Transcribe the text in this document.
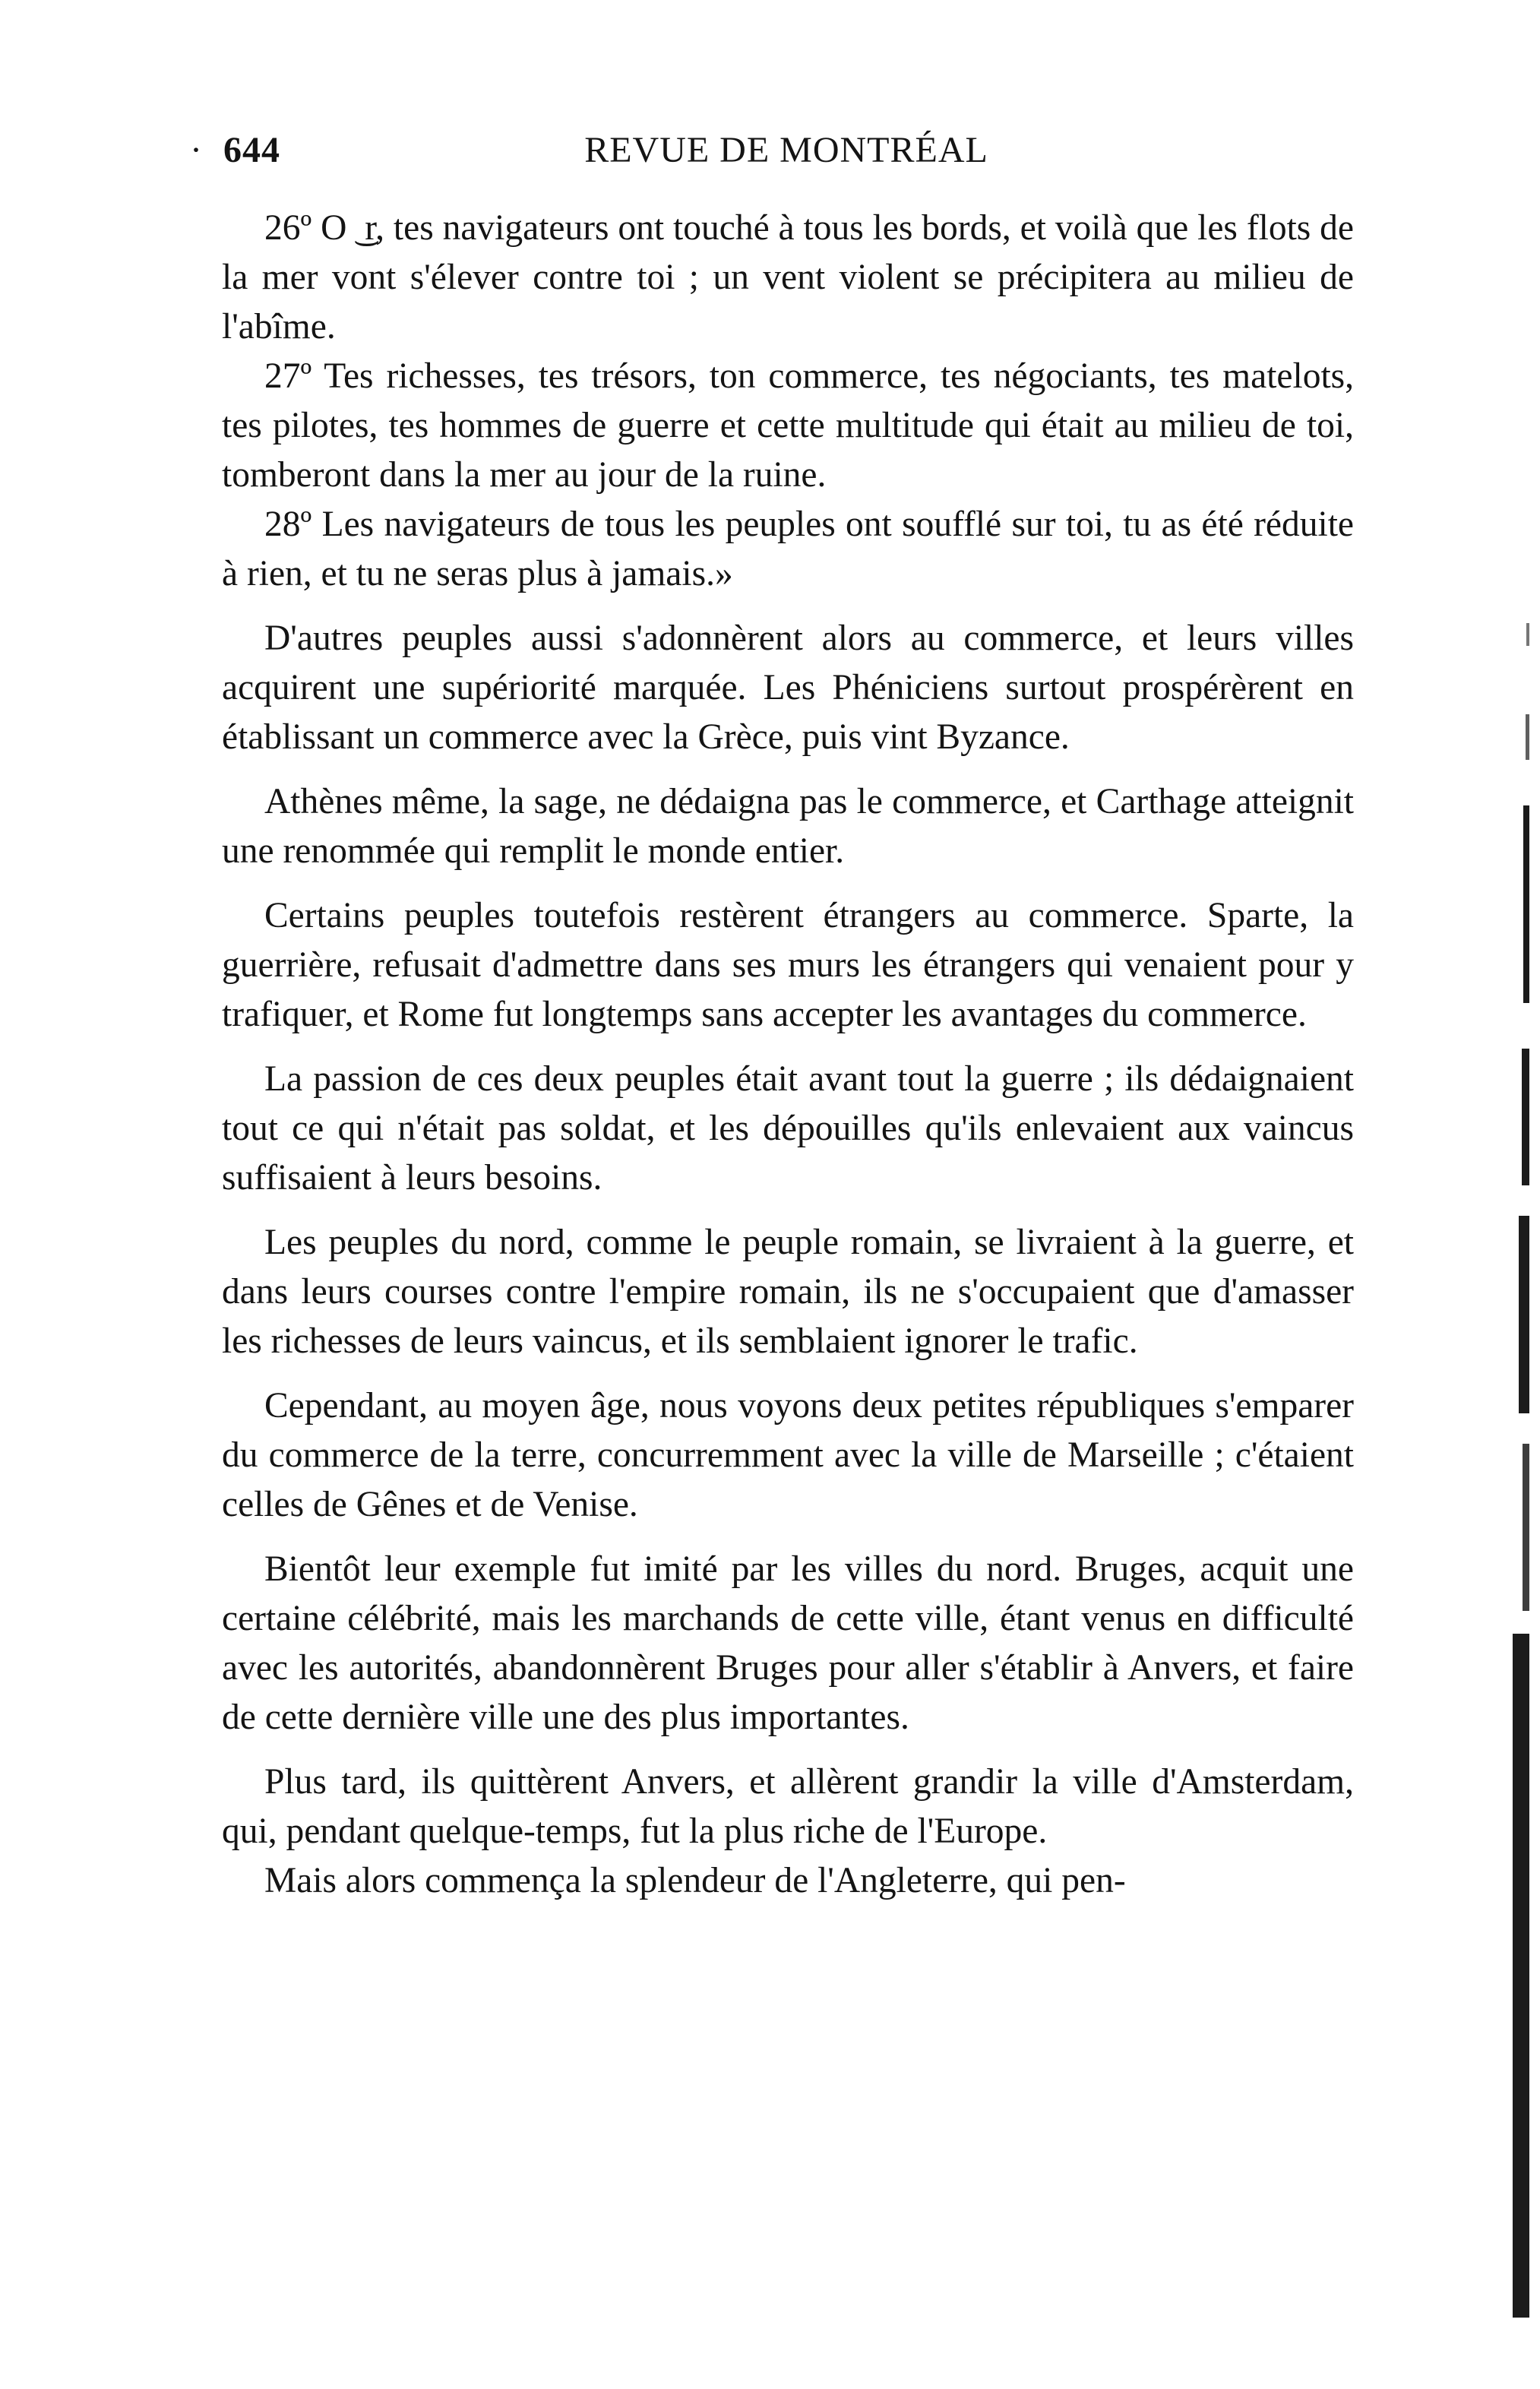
· 644	REVUE DE MONTRÉAL

26º O ͜ r, tes navigateurs ont touché à tous les bords, et voilà que les flots de la mer vont s'élever contre toi ; un vent violent se précipitera au milieu de l'abîme.

27º Tes richesses, tes trésors, ton commerce, tes négociants, tes matelots, tes pilotes, tes hommes de guerre et cette multitude qui était au milieu de toi, tomberont dans la mer au jour de la ruine.

28º Les navigateurs de tous les peuples ont soufflé sur toi, tu as été réduite à rien, et tu ne seras plus à jamais.»

D'autres peuples aussi s'adonnèrent alors au commerce, et leurs villes acquirent une supériorité marquée. Les Phéniciens surtout prospérèrent en établissant un commerce avec la Grèce, puis vint Byzance.

Athènes même, la sage, ne dédaigna pas le commerce, et Carthage atteignit une renommée qui remplit le monde entier.

Certains peuples toutefois restèrent étrangers au commerce. Sparte, la guerrière, refusait d'admettre dans ses murs les étrangers qui venaient pour y trafiquer, et Rome fut longtemps sans accepter les avantages du commerce.

La passion de ces deux peuples était avant tout la guerre ; ils dédaignaient tout ce qui n'était pas soldat, et les dépouilles qu'ils enlevaient aux vaincus suffisaient à leurs besoins.

Les peuples du nord, comme le peuple romain, se livraient à la guerre, et dans leurs courses contre l'empire romain, ils ne s'occupaient que d'amasser les richesses de leurs vaincus, et ils semblaient ignorer le trafic.

Cependant, au moyen âge, nous voyons deux petites républiques s'emparer du commerce de la terre, concurremment avec la ville de Marseille ; c'étaient celles de Gênes et de Venise.

Bientôt leur exemple fut imité par les villes du nord. Bruges, acquit une certaine célébrité, mais les marchands de cette ville, étant venus en difficulté avec les autorités, abandonnèrent Bruges pour aller s'établir à Anvers, et faire de cette dernière ville une des plus importantes.

Plus tard, ils quittèrent Anvers, et allèrent grandir la ville d'Amsterdam, qui, pendant quelque-temps, fut la plus riche de l'Europe.

Mais alors commença la splendeur de l'Angleterre, qui pen-
